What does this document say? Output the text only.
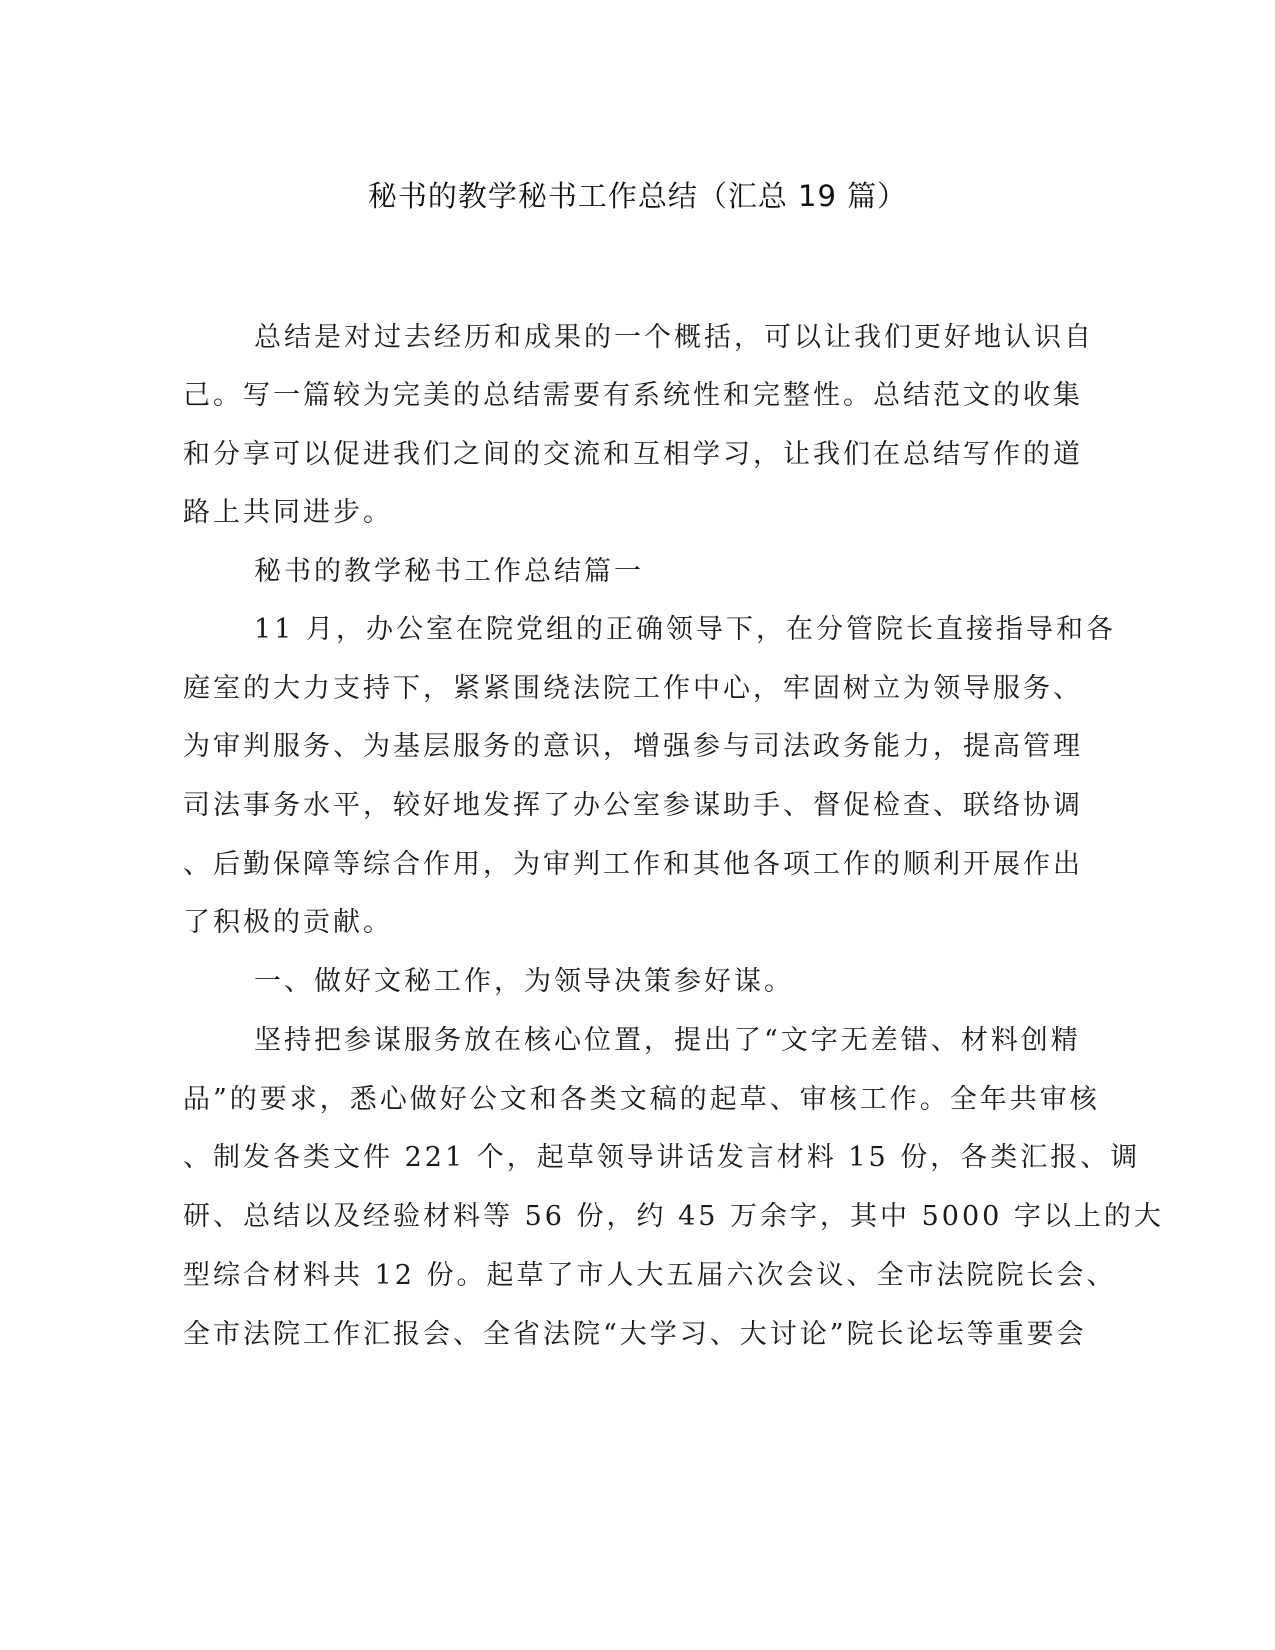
秘书的教学秘书工作总结（汇总 19 篇）
总结是对过去经历和成果的一个概括，可以让我们更好地认识自
己。写一篇较为完美的总结需要有系统性和完整性。总结范文的收集
和分享可以促进我们之间的交流和互相学习，让我们在总结写作的道
路上共同进步。
秘书的教学秘书工作总结篇一
11 月，办公室在院党组的正确领导下，在分管院长直接指导和各
庭室的大力支持下，紧紧围绕法院工作中心，牢固树立为领导服务、
为审判服务、为基层服务的意识，增强参与司法政务能力，提高管理
司法事务水平，较好地发挥了办公室参谋助手、督促检查、联络协调
、后勤保障等综合作用，为审判工作和其他各项工作的顺利开展作出
了积极的贡献。
一、做好文秘工作，为领导决策参好谋。
坚持把参谋服务放在核心位置，提出了“文字无差错、材料创精
品”的要求，悉心做好公文和各类文稿的起草、审核工作。全年共审核
、制发各类文件 221 个，起草领导讲话发言材料 15 份，各类汇报、调
研、总结以及经验材料等 56 份，约 45 万余字，其中 5000 字以上的大
型综合材料共 12 份。起草了市人大五届六次会议、全市法院院长会、
全市法院工作汇报会、全省法院“大学习、大讨论”院长论坛等重要会
